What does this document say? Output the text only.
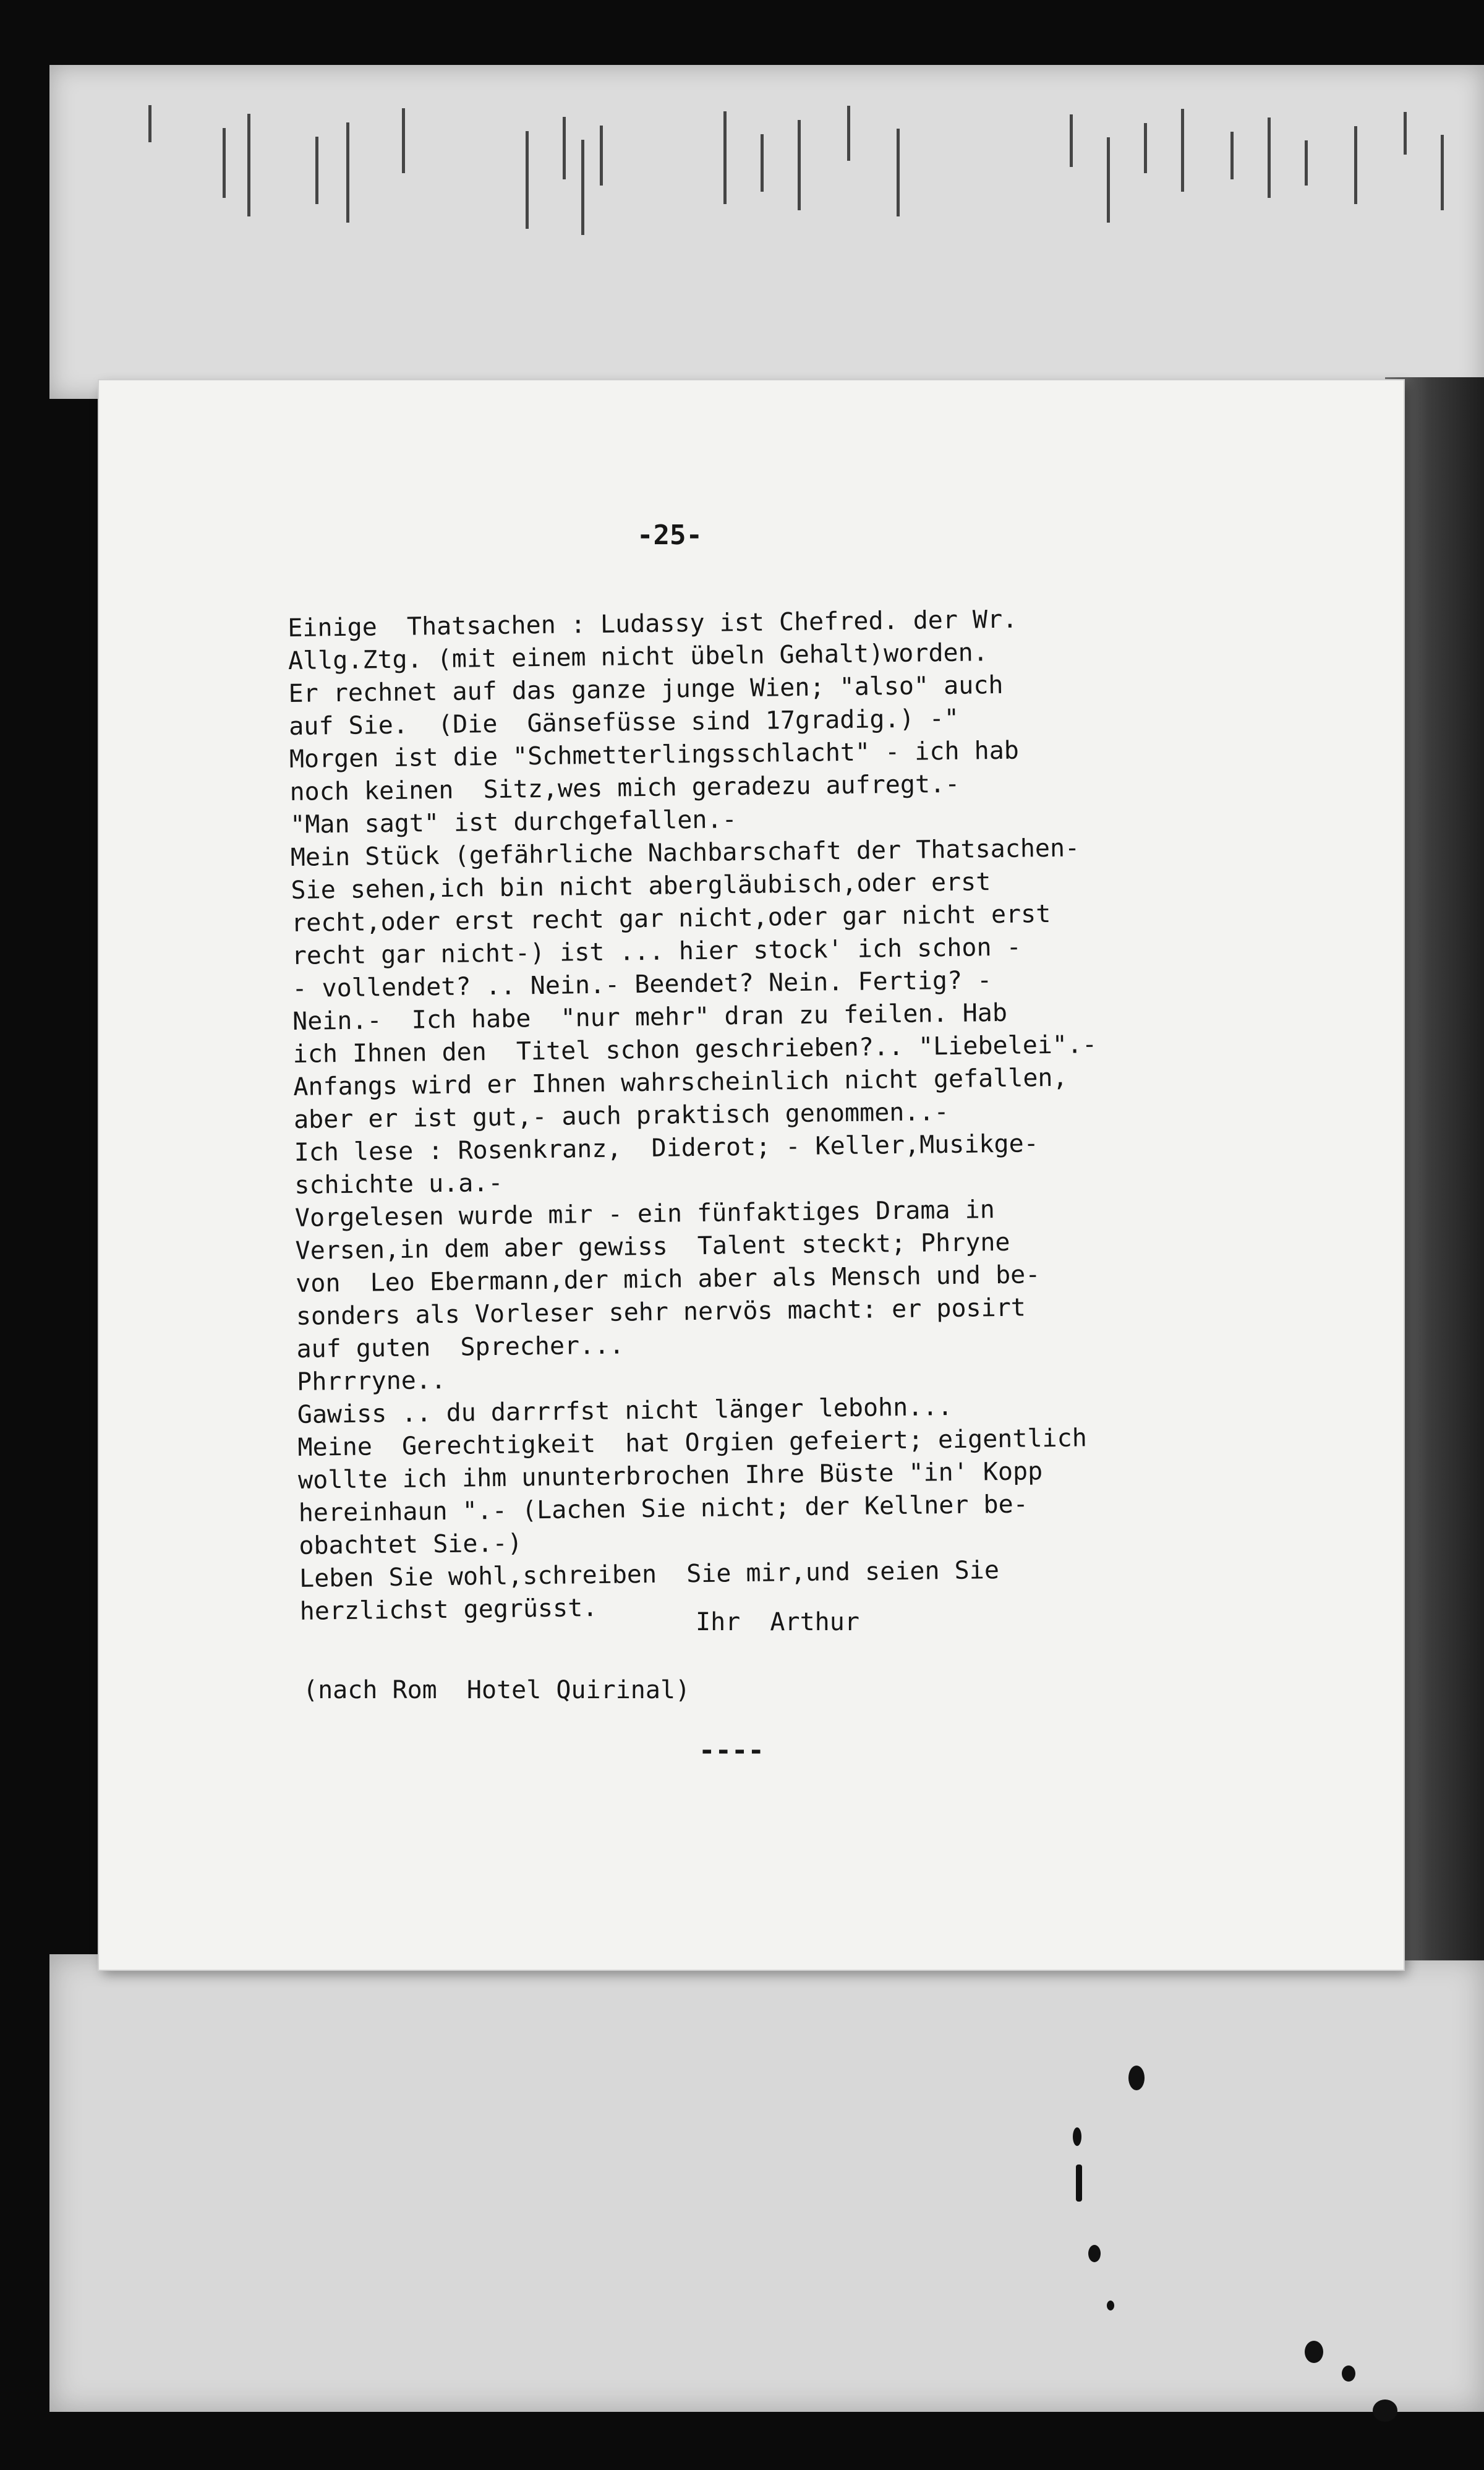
-25-
Einige  Thatsachen : Ludassy ist Chefred. der Wr.
Allg.Ztg. (mit einem nicht übeln Gehalt)worden.
Er rechnet auf das ganze junge Wien; "also" auch
auf Sie.  (Die  Gänsefüsse sind 17gradig.) -"
Morgen ist die "Schmetterlingsschlacht" - ich hab
noch keinen  Sitz,wes mich geradezu aufregt.-
"Man sagt" ist durchgefallen.-
Mein Stück (gefährliche Nachbarschaft der Thatsachen-
Sie sehen,ich bin nicht abergläubisch,oder erst
recht,oder erst recht gar nicht,oder gar nicht erst
recht gar nicht-) ist ... hier stock' ich schon -
- vollendet? .. Nein.- Beendet? Nein. Fertig? -
Nein.-  Ich habe  "nur mehr" dran zu feilen. Hab
ich Ihnen den  Titel schon geschrieben?.. "Liebelei".-
Anfangs wird er Ihnen wahrscheinlich nicht gefallen,
aber er ist gut,- auch praktisch genommen..-
Ich lese : Rosenkranz,  Diderot; - Keller,Musikge-
schichte u.a.-
Vorgelesen wurde mir - ein fünfaktiges Drama in
Versen,in dem aber gewiss  Talent steckt; Phryne
von  Leo Ebermann,der mich aber als Mensch und be-
sonders als Vorleser sehr nervös macht: er posirt
auf guten  Sprecher...
Phrrryne..
Gawiss .. du darrrfst nicht länger lebohn...
Meine  Gerechtigkeit  hat Orgien gefeiert; eigentlich
wollte ich ihm ununterbrochen Ihre Büste "in' Kopp
hereinhaun ".- (Lachen Sie nicht; der Kellner be-
obachtet Sie.-)
Leben Sie wohl,schreiben  Sie mir,und seien Sie
herzlichst gegrüsst.	Ihr  Arthur
(nach Rom  Hotel Quirinal)
----
